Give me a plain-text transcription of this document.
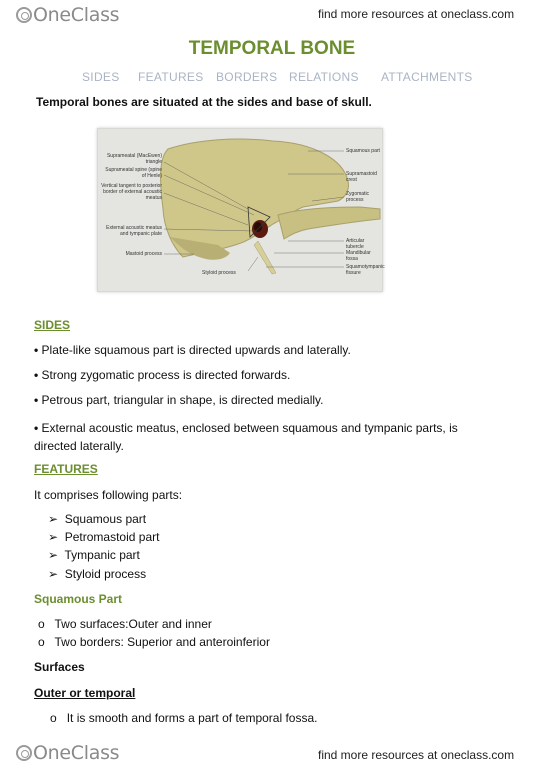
OneClass	find more resources at oneclass.com
TEMPORAL BONE
SIDES FEATURES BORDERS RELATIONS ATTACHMENTS
Temporal bones are situated at the sides and base of skull.
Suprameatal (MacEwen) triangle
Suprameatal spine (spine of Henle)
Vertical tangent to posterior border of external acoustic meatus
External acoustic meatus and tympanic plate
Mastoid process
Squamous part
Supramastoid crest
Zygomatic process
Articular tubercle
Mandibular fossa
Squamotympanic fissure
Styloid process
SIDES
• Plate-like squamous part is directed upwards and laterally.
• Strong zygomatic process is directed forwards.
• Petrous part, triangular in shape, is directed medially.
• External acoustic meatus, enclosed between squamous and tympanic parts, is directed laterally.
FEATURES
It comprises following parts:
➢ Squamous part
➢ Petromastoid part
➢ Tympanic part
➢ Styloid process
Squamous Part
o Two surfaces:Outer and inner
o Two borders: Superior and anteroinferior
Surfaces
Outer or temporal
o It is smooth and forms a part of temporal fossa.
OneClass	find more resources at oneclass.com
